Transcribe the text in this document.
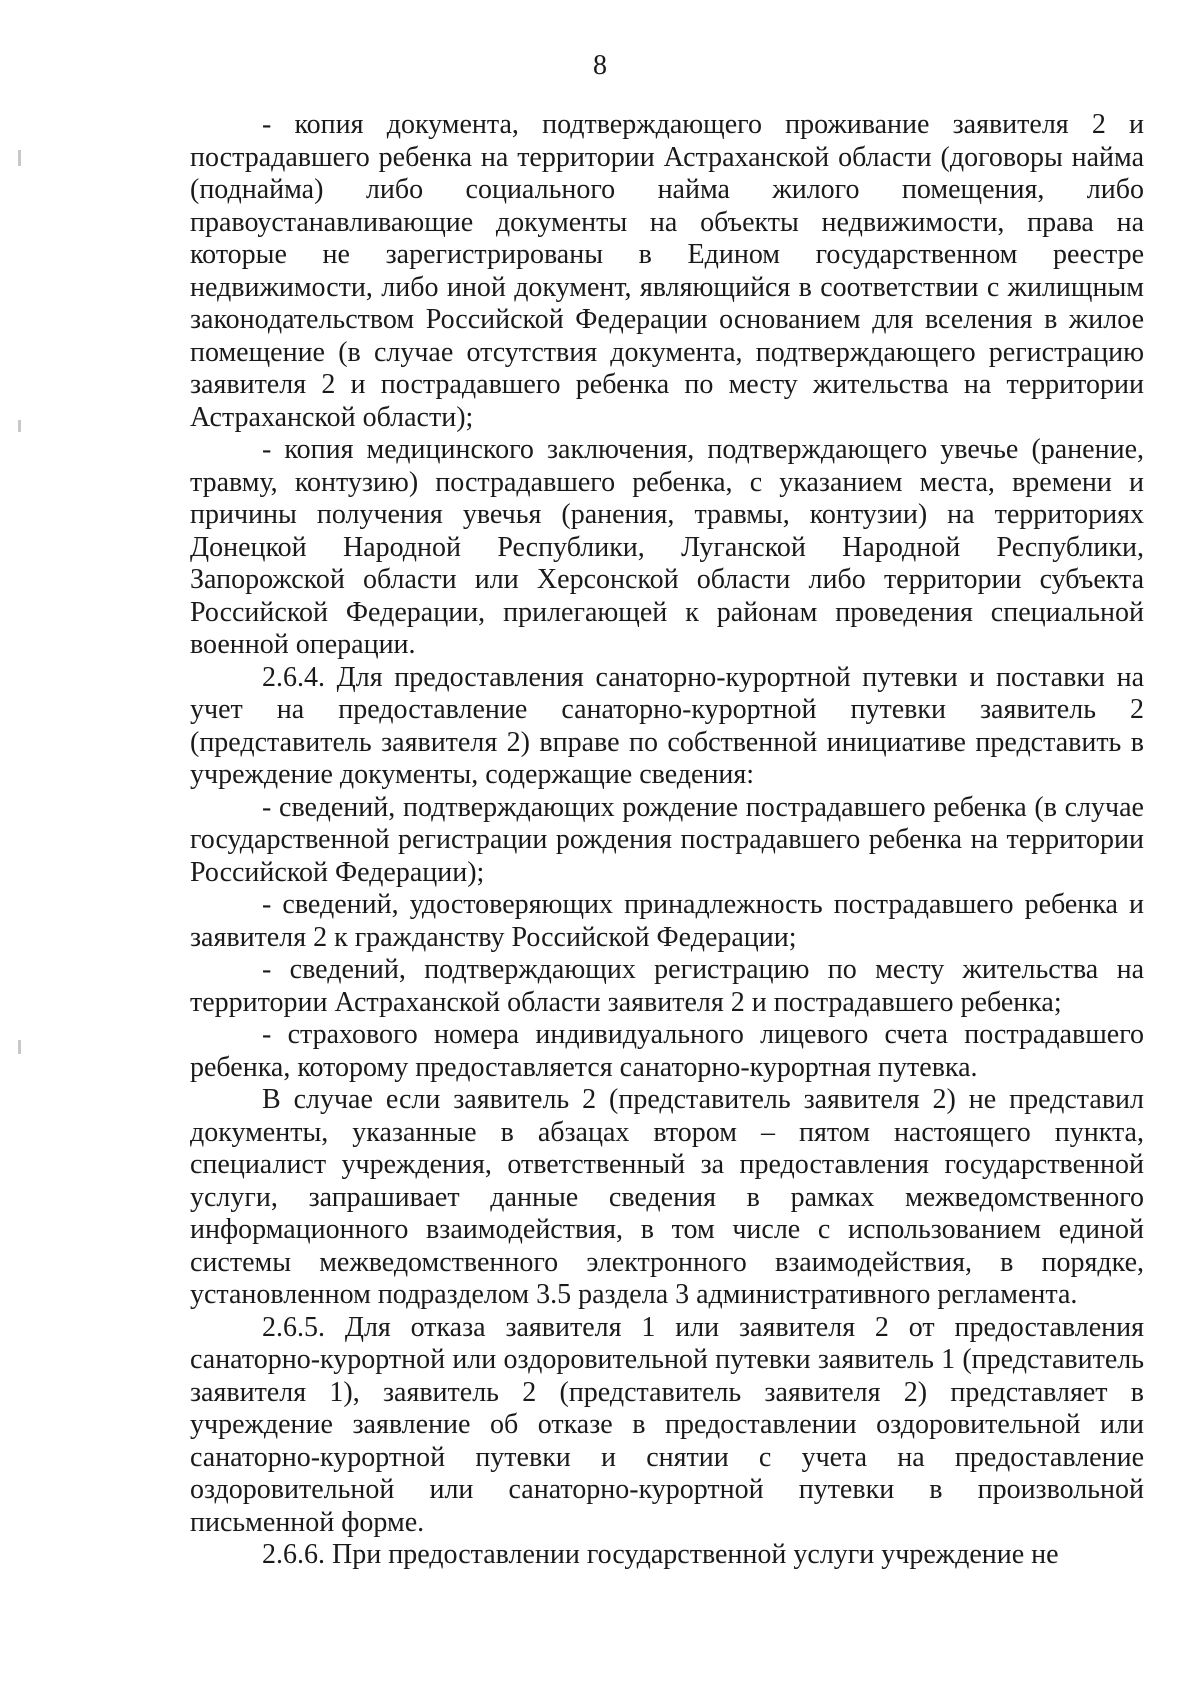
8

- копия документа, подтверждающего проживание заявителя 2 и пострадавшего ребенка на территории Астраханской области (договоры найма (поднайма) либо социального найма жилого помещения, либо правоустанавливающие документы на объекты недвижимости, права на которые не зарегистрированы в Едином государственном реестре недвижимости, либо иной документ, являющийся в соответствии с жилищным законодательством Российской Федерации основанием для вселения в жилое помещение (в случае отсутствия документа, подтверждающего регистрацию заявителя 2 и пострадавшего ребенка по месту жительства на территории Астраханской области);

- копия медицинского заключения, подтверждающего увечье (ранение, травму, контузию) пострадавшего ребенка, с указанием места, времени и причины получения увечья (ранения, травмы, контузии) на территориях Донецкой Народной Республики, Луганской Народной Республики, Запорожской области или Херсонской области либо территории субъекта Российской Федерации, прилегающей к районам проведения специальной военной операции.

2.6.4. Для предоставления санаторно-курортной путевки и поставки на учет на предоставление санаторно-курортной путевки заявитель 2 (представитель заявителя 2) вправе по собственной инициативе представить в учреждение документы, содержащие сведения:

- сведений, подтверждающих рождение пострадавшего ребенка (в случае государственной регистрации рождения пострадавшего ребенка на территории Российской Федерации);

- сведений, удостоверяющих принадлежность пострадавшего ребенка и заявителя 2 к гражданству Российской Федерации;

- сведений, подтверждающих регистрацию по месту жительства на территории Астраханской области заявителя 2 и пострадавшего ребенка;

- страхового номера индивидуального лицевого счета пострадавшего ребенка, которому предоставляется санаторно-курортная путевка.

В случае если заявитель 2 (представитель заявителя 2) не представил документы, указанные в абзацах втором – пятом настоящего пункта, специалист учреждения, ответственный за предоставления государственной услуги, запрашивает данные сведения в рамках межведомственного информационного взаимодействия, в том числе с использованием единой системы межведомственного электронного взаимодействия, в порядке, установленном подразделом 3.5 раздела 3 административного регламента.

2.6.5. Для отказа заявителя 1 или заявителя 2 от предоставления санаторно-курортной или оздоровительной путевки заявитель 1 (представитель заявителя 1), заявитель 2 (представитель заявителя 2) представляет в учреждение заявление об отказе в предоставлении оздоровительной или санаторно-курортной путевки и снятии с учета на предоставление оздоровительной или санаторно-курортной путевки в произвольной письменной форме.

2.6.6. При предоставлении государственной услуги учреждение не
